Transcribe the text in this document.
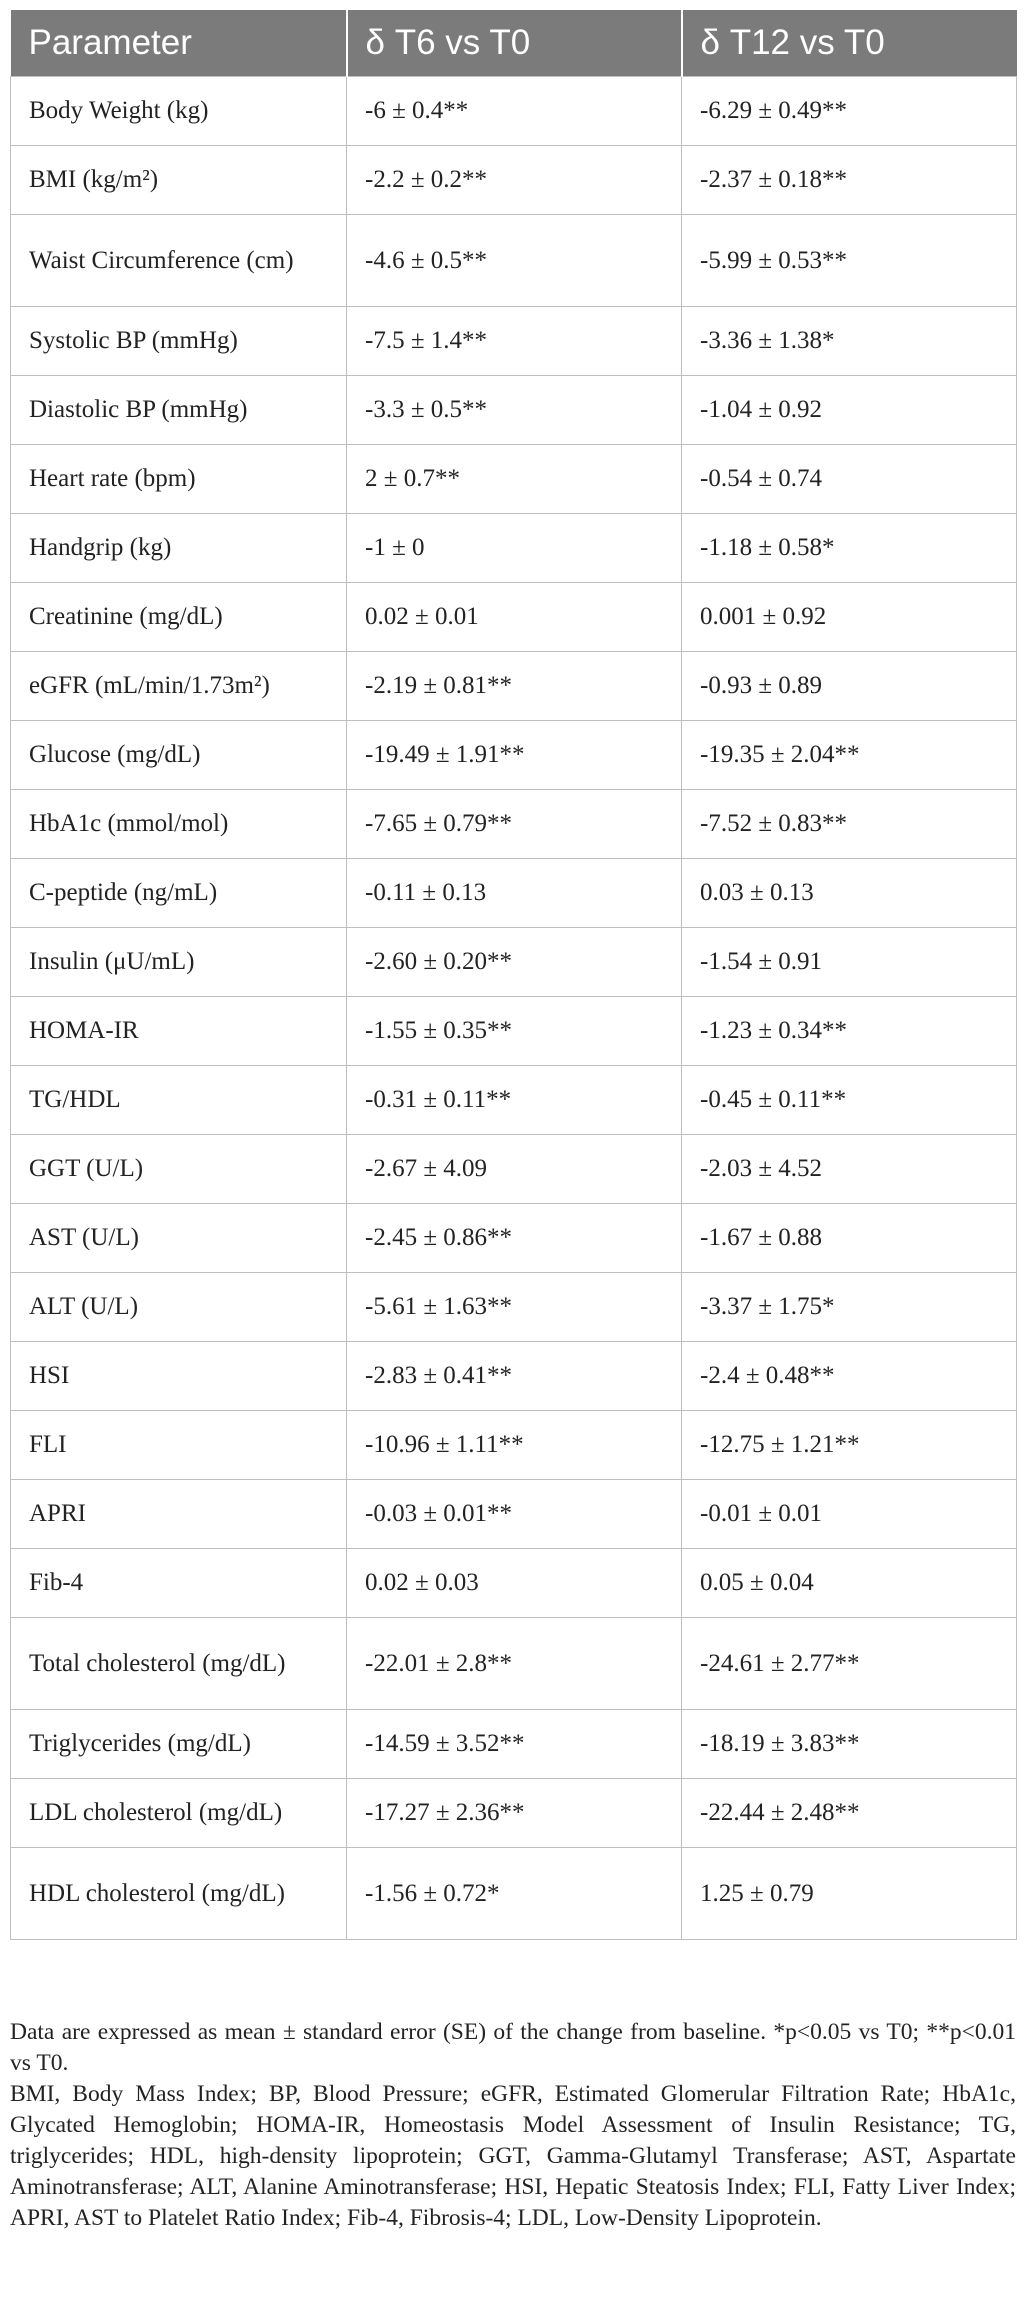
Parameter	δ T6 vs T0	δ T12 vs T0
Body Weight (kg)	-6 ± 0.4**	-6.29 ± 0.49**
BMI (kg/m²)	-2.2 ± 0.2**	-2.37 ± 0.18**
Waist Circumference (cm)	-4.6 ± 0.5**	-5.99 ± 0.53**
Systolic BP (mmHg)	-7.5 ± 1.4**	-3.36 ± 1.38*
Diastolic BP (mmHg)	-3.3 ± 0.5**	-1.04 ± 0.92
Heart rate (bpm)	2 ± 0.7**	-0.54 ± 0.74
Handgrip (kg)	-1 ± 0	-1.18 ± 0.58*
Creatinine (mg/dL)	0.02 ± 0.01	0.001 ± 0.92
eGFR (mL/min/1.73m²)	-2.19 ± 0.81**	-0.93 ± 0.89
Glucose (mg/dL)	-19.49 ± 1.91**	-19.35 ± 2.04**
HbA1c (mmol/mol)	-7.65 ± 0.79**	-7.52 ± 0.83**
C-peptide (ng/mL)	-0.11 ± 0.13	0.03 ± 0.13
Insulin (μU/mL)	-2.60 ± 0.20**	-1.54 ± 0.91
HOMA-IR	-1.55 ± 0.35**	-1.23 ± 0.34**
TG/HDL	-0.31 ± 0.11**	-0.45 ± 0.11**
GGT (U/L)	-2.67 ± 4.09	-2.03 ± 4.52
AST (U/L)	-2.45 ± 0.86**	-1.67 ± 0.88
ALT (U/L)	-5.61 ± 1.63**	-3.37 ± 1.75*
HSI	-2.83 ± 0.41**	-2.4 ± 0.48**
FLI	-10.96 ± 1.11**	-12.75 ± 1.21**
APRI	-0.03 ± 0.01**	-0.01 ± 0.01
Fib-4	0.02 ± 0.03	0.05 ± 0.04
Total cholesterol (mg/dL)	-22.01 ± 2.8**	-24.61 ± 2.77**
Triglycerides (mg/dL)	-14.59 ± 3.52**	-18.19 ± 3.83**
LDL cholesterol (mg/dL)	-17.27 ± 2.36**	-22.44 ± 2.48**
HDL cholesterol (mg/dL)	-1.56 ± 0.72*	1.25 ± 0.79

Data are expressed as mean ± standard error (SE) of the change from baseline. *p<0.05 vs T0; **p<0.01 vs T0.

BMI, Body Mass Index; BP, Blood Pressure; eGFR, Estimated Glomerular Filtration Rate; HbA1c, Glycated Hemoglobin; HOMA-IR, Homeostasis Model Assessment of Insulin Resistance; TG, triglycerides; HDL, high-density lipoprotein; GGT, Gamma-Glutamyl Transferase; AST, Aspartate Aminotransferase; ALT, Alanine Aminotransferase; HSI, Hepatic Steatosis Index; FLI, Fatty Liver Index; APRI, AST to Platelet Ratio Index; Fib-4, Fibrosis-4; LDL, Low-Density Lipoprotein.
